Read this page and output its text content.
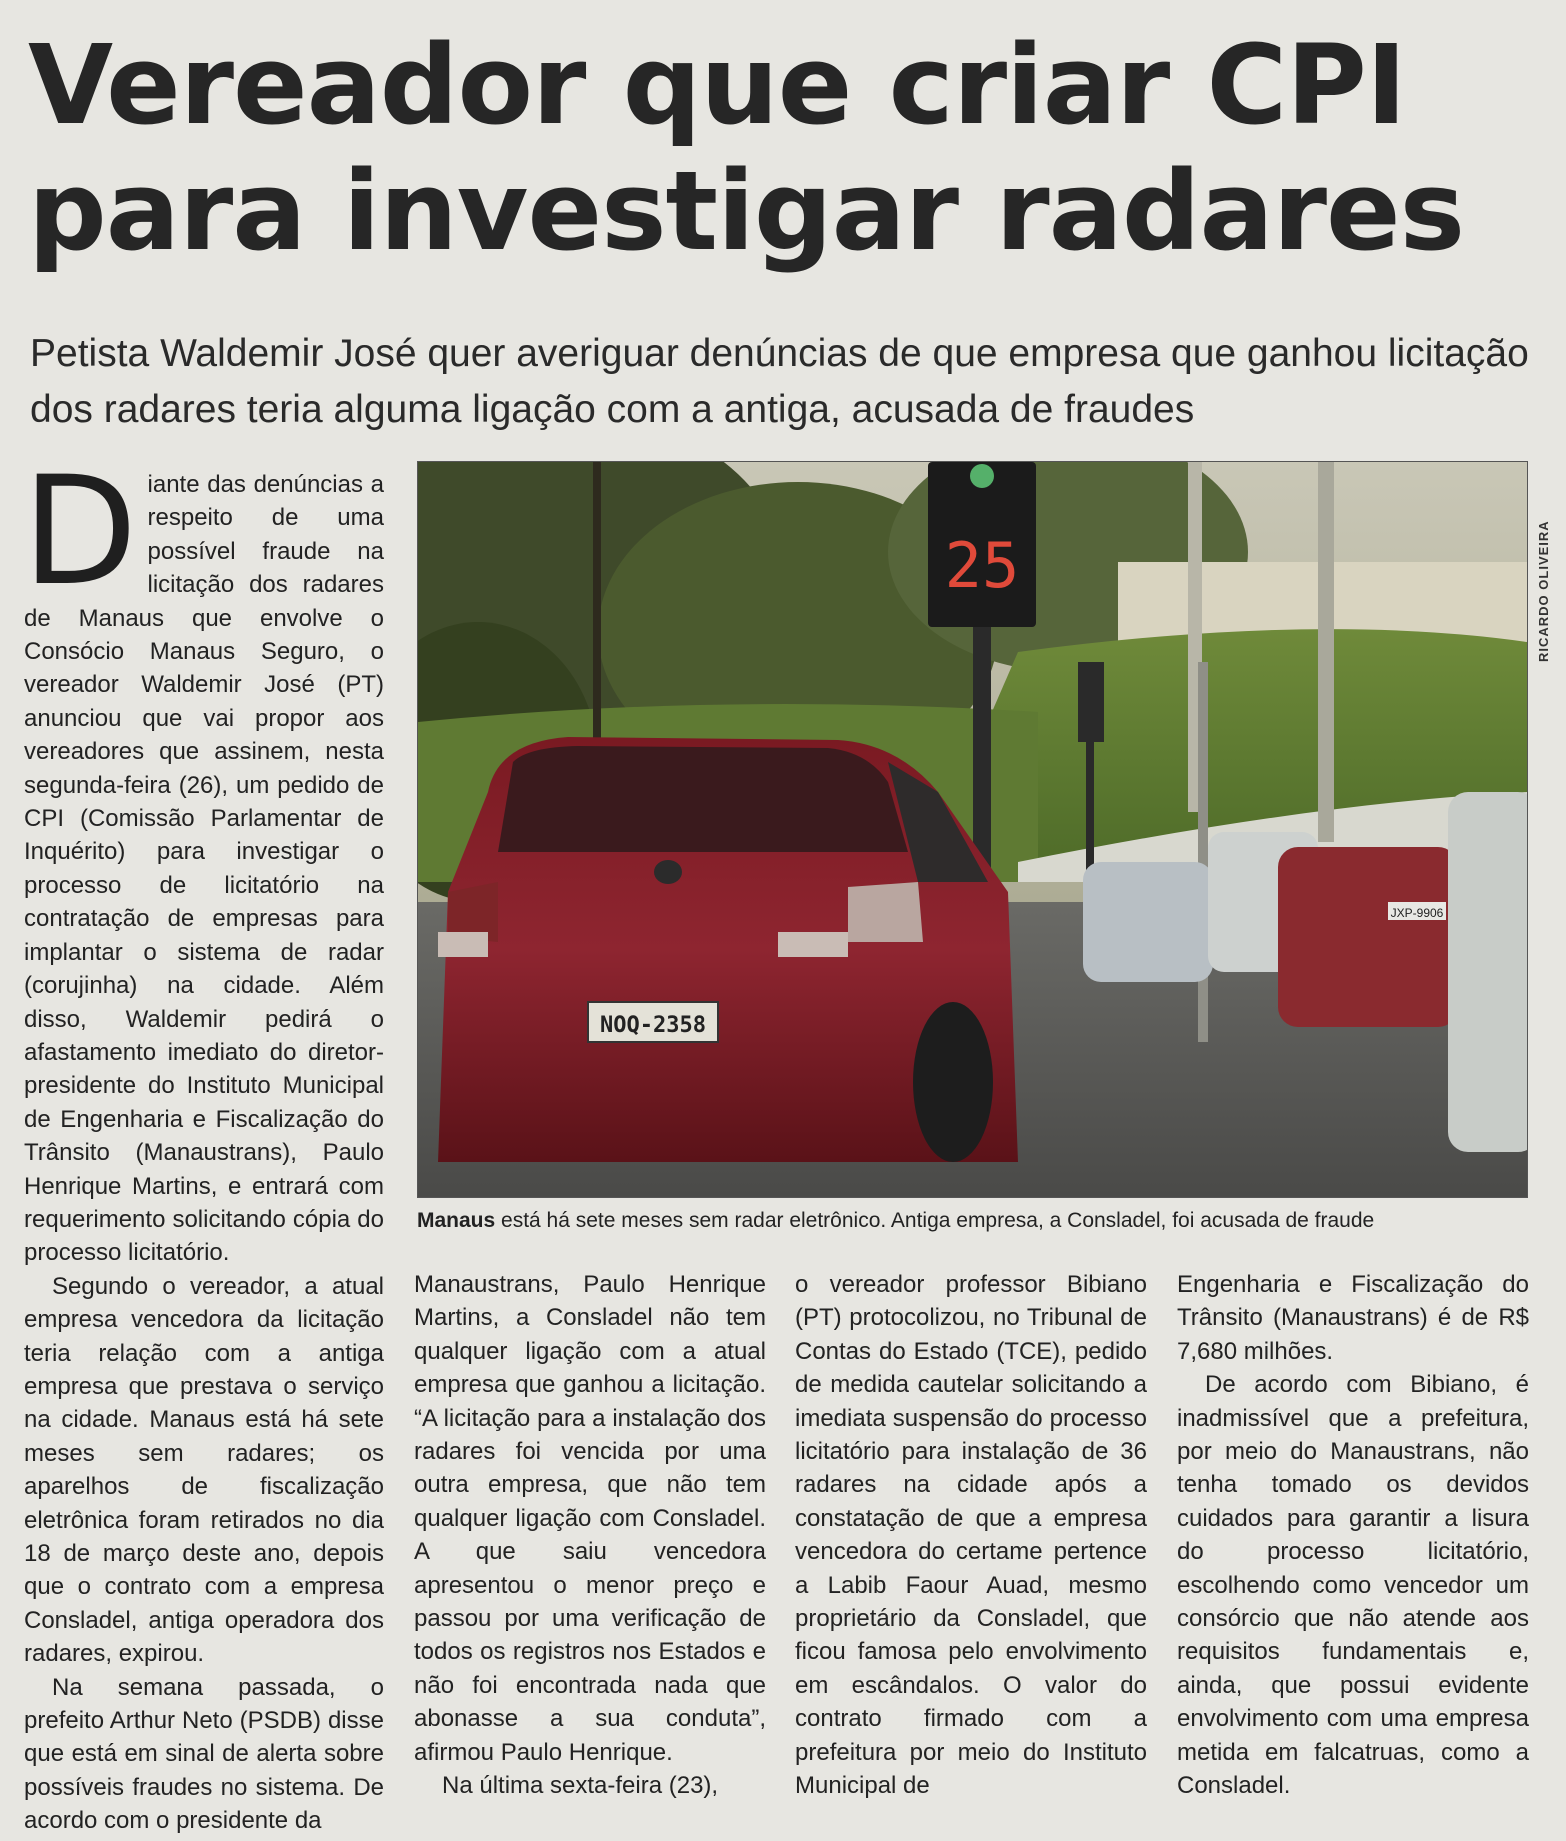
Vereador que criar CPI
para investigar radares

Petista Waldemir José quer averiguar denúncias de que empresa que ganhou licitação dos radares teria alguma ligação com a antiga, acusada de fraudes

25
JXP-9906
NOQ-2358
RICARDO OLIVEIRA
Manaus está há sete meses sem radar eletrônico. Antiga empresa, a Consladel, foi acusada de fraude

Diante das denúncias a respeito de uma possível fraude na licitação dos radares de Manaus que envolve o Consócio Manaus Seguro, o vereador Waldemir José (PT) anunciou que vai propor aos vereadores que assinem, nesta segunda-feira (26), um pedido de CPI (Comissão Parlamentar de Inquérito) para investigar o processo de licitatório na contratação de empresas para implantar o sistema de radar (corujinha) na cidade. Além disso, Waldemir pedirá o afastamento imediato do diretor-presidente do Instituto Municipal de Engenharia e Fiscalização do Trânsito (Manaustrans), Paulo Henrique Martins, e entrará com requerimento solicitando cópia do processo licitatório.

Segundo o vereador, a atual empresa vencedora da licitação teria relação com a antiga empresa que prestava o serviço na cidade. Manaus está há sete meses sem radares; os aparelhos de fiscalização eletrônica foram retirados no dia 18 de março deste ano, depois que o contrato com a empresa Consladel, antiga operadora dos radares, expirou.

Na semana passada, o prefeito Arthur Neto (PSDB) disse que está em sinal de alerta sobre possíveis fraudes no sistema. De acordo com o presidente da

Manaustrans, Paulo Henrique Martins, a Consladel não tem qualquer ligação com a atual empresa que ganhou a licitação. “A licitação para a instalação dos radares foi vencida por uma outra empresa, que não tem qualquer ligação com Consladel. A que saiu vencedora apresentou o menor preço e passou por uma verificação de todos os registros nos Estados e não foi encontrada nada que abonasse a sua conduta”, afirmou Paulo Henrique.

Na última sexta-feira (23),

o vereador professor Bibiano (PT) protocolizou, no Tribunal de Contas do Estado (TCE), pedido de medida cautelar solicitando a imediata suspensão do processo licitatório para instalação de 36 radares na cidade após a constatação de que a empresa vencedora do certame pertence a Labib Faour Auad, mesmo proprietário da Consladel, que ficou famosa pelo envolvimento em escândalos. O valor do contrato firmado com a prefeitura por meio do Instituto Municipal de

Engenharia e Fiscalização do Trânsito (Manaustrans) é de R$ 7,680 milhões.

De acordo com Bibiano, é inadmissível que a prefeitura, por meio do Manaustrans, não tenha tomado os devidos cuidados para garantir a lisura do processo licitatório, escolhendo como vencedor um consórcio que não atende aos requisitos fundamentais e, ainda, que possui evidente envolvimento com uma empresa metida em falcatruas, como a Consladel.
